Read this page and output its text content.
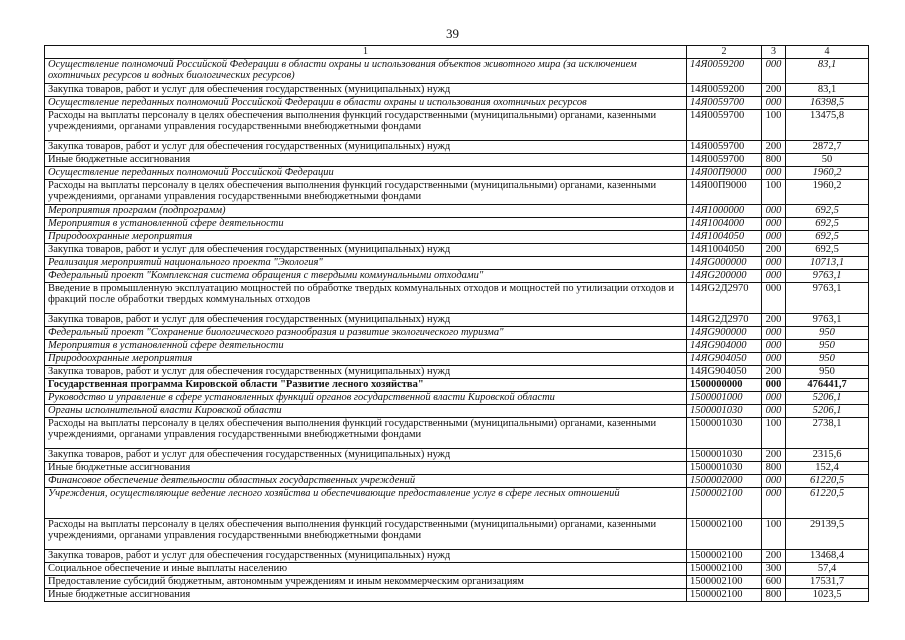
39
1	2	3	4
Осуществление полномочий Российской Федерации в области охраны и использования объектов животного мира (за исключением охотничьих ресурсов и водных биологических ресурсов)	14Я0059200	000	83,1
Закупка товаров, работ и услуг для обеспечения государственных (муниципальных) нужд	14Я0059200	200	83,1
Осуществление переданных полномочий Российской Федерации в области охраны и использования охотничьих ресурсов	14Я0059700	000	16398,5
Расходы на выплаты персоналу в целях обеспечения выполнения функций государственными (муниципальными) органами, казенными учреждениями, органами управления государственными внебюджетными фондами	14Я0059700	100	13475,8
Закупка товаров, работ и услуг для обеспечения государственных (муниципальных) нужд	14Я0059700	200	2872,7
Иные бюджетные ассигнования	14Я0059700	800	50
Осуществление переданных полномочий Российской Федерации	14Я00П9000	000	1960,2
Расходы на выплаты персоналу в целях обеспечения выполнения функций государственными (муниципальными) органами, казенными учреждениями, органами управления государственными внебюджетными фондами	14Я00П9000	100	1960,2
Мероприятия программ (подпрограмм)	14Я1000000	000	692,5
Мероприятия в установленной сфере деятельности	14Я1004000	000	692,5
Природоохранные мероприятия	14Я1004050	000	692,5
Закупка товаров, работ и услуг для обеспечения государственных (муниципальных) нужд	14Я1004050	200	692,5
Реализация мероприятий национального проекта "Экология"	14ЯG000000	000	10713,1
Федеральный проект "Комплексная система обращения с твердыми коммунальными отходами"	14ЯG200000	000	9763,1
Введение в промышленную эксплуатацию мощностей по обработке твердых коммунальных отходов и мощностей по утилизации отходов и фракций после обработки твердых коммунальных отходов	14ЯG2Д2970	000	9763,1
Закупка товаров, работ и услуг для обеспечения государственных (муниципальных) нужд	14ЯG2Д2970	200	9763,1
Федеральный проект "Сохранение биологического разнообразия и развитие экологического туризма"	14ЯG900000	000	950
Мероприятия в установленной сфере деятельности	14ЯG904000	000	950
Природоохранные мероприятия	14ЯG904050	000	950
Закупка товаров, работ и услуг для обеспечения государственных (муниципальных) нужд	14ЯG904050	200	950
Государственная программа Кировской области "Развитие лесного хозяйства"	1500000000	000	476441,7
Руководство и управление в сфере установленных функций органов государственной власти Кировской области	1500001000	000	5206,1
Органы исполнительной власти Кировской области	1500001030	000	5206,1
Расходы на выплаты персоналу в целях обеспечения выполнения функций государственными (муниципальными) органами, казенными учреждениями, органами управления государственными внебюджетными фондами	1500001030	100	2738,1
Закупка товаров, работ и услуг для обеспечения государственных (муниципальных) нужд	1500001030	200	2315,6
Иные бюджетные ассигнования	1500001030	800	152,4
Финансовое обеспечение деятельности областных государственных учреждений	1500002000	000	61220,5
Учреждения, осуществляющие ведение лесного хозяйства и обеспечивающие предоставление услуг в сфере лесных отношений	1500002100	000	61220,5
Расходы на выплаты персоналу в целях обеспечения выполнения функций государственными (муниципальными) органами, казенными учреждениями, органами управления государственными внебюджетными фондами	1500002100	100	29139,5
Закупка товаров, работ и услуг для обеспечения государственных (муниципальных) нужд	1500002100	200	13468,4
Социальное обеспечение и иные выплаты населению	1500002100	300	57,4
Предоставление субсидий бюджетным, автономным учреждениям и иным некоммерческим организациям	1500002100	600	17531,7
Иные бюджетные ассигнования	1500002100	800	1023,5
